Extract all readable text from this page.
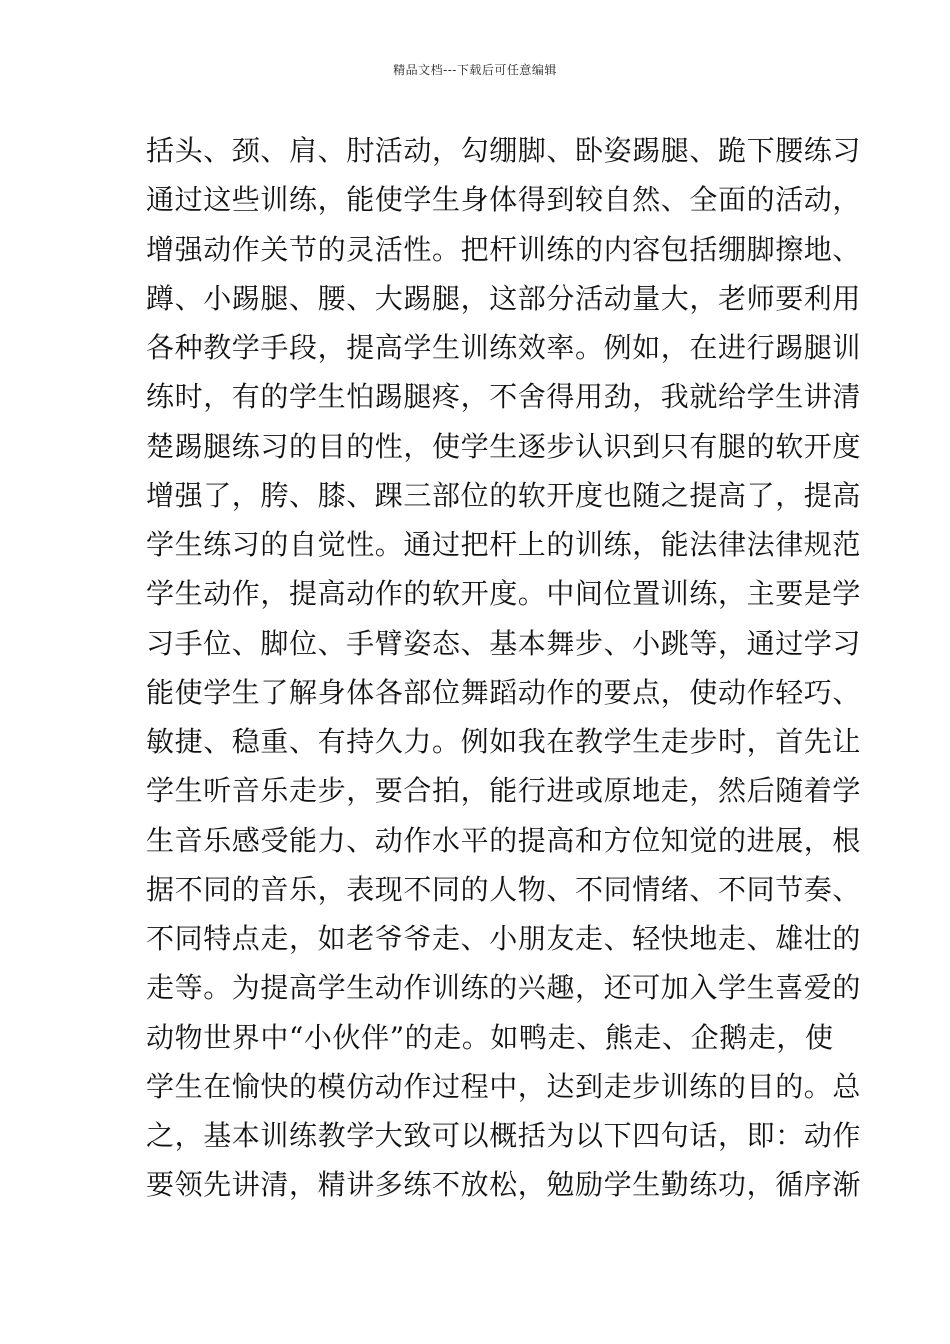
精品文档---下载后可任意编辑
括头、颈、肩、肘活动，勾绷脚、卧姿踢腿、跪下腰练习
通过这些训练，能使学生身体得到较自然、全面的活动，
增强动作关节的灵活性。把杆训练的内容包括绷脚擦地、
蹲、小踢腿、腰、大踢腿，这部分活动量大，老师要利用
各种教学手段，提高学生训练效率。例如，在进行踢腿训
练时，有的学生怕踢腿疼，不舍得用劲，我就给学生讲清
楚踢腿练习的目的性，使学生逐步认识到只有腿的软开度
增强了，胯、膝、踝三部位的软开度也随之提高了，提高
学生练习的自觉性。通过把杆上的训练，能法律法律规范
学生动作，提高动作的软开度。中间位置训练，主要是学
习手位、脚位、手臂姿态、基本舞步、小跳等，通过学习
能使学生了解身体各部位舞蹈动作的要点，使动作轻巧、
敏捷、稳重、有持久力。例如我在教学生走步时，首先让
学生听音乐走步，要合拍，能行进或原地走，然后随着学
生音乐感受能力、动作水平的提高和方位知觉的进展，根
据不同的音乐，表现不同的人物、不同情绪、不同节奏、
不同特点走，如老爷爷走、小朋友走、轻快地走、雄壮的
走等。为提高学生动作训练的兴趣，还可加入学生喜爱的
动物世界中“小伙伴”的走。如鸭走、熊走、企鹅走，使
学生在愉快的模仿动作过程中，达到走步训练的目的。总
之，基本训练教学大致可以概括为以下四句话，即：动作
要领先讲清，精讲多练不放松，勉励学生勤练功，循序渐
